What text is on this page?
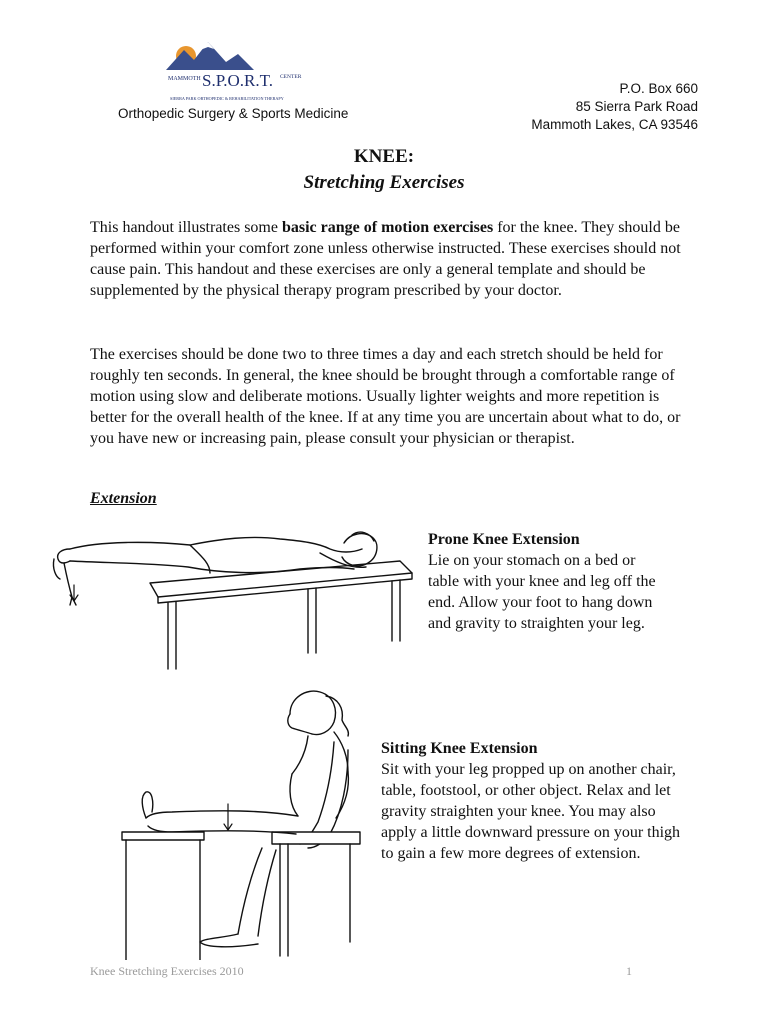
MAMMOTH S.P.O.R.T. CENTER
SIERRA PARK ORTHOPEDIC & REHABILITATION THERAPY
Orthopedic Surgery & Sports Medicine
P.O. Box 660
85 Sierra Park Road
Mammoth Lakes, CA 93546
KNEE:
Stretching Exercises
This handout illustrates some basic range of motion exercises for the knee. They should be performed within your comfort zone unless otherwise instructed. These exercises should not cause pain. This handout and these exercises are only a general template and should be supplemented by the physical therapy program prescribed by your doctor.
The exercises should be done two to three times a day and each stretch should be held for roughly ten seconds. In general, the knee should be brought through a comfortable range of motion using slow and deliberate motions. Usually lighter weights and more repetition is better for the overall health of the knee. If at any time you are uncertain about what to do, or you have new or increasing pain, please consult your physician or therapist.
Extension
Prone Knee Extension
Lie on your stomach on a bed or table with your knee and leg off the end. Allow your foot to hang down and gravity to straighten your leg.
Sitting Knee Extension
Sit with your leg propped up on another chair, table, footstool, or other object. Relax and let gravity straighten your knee. You may also apply a little downward pressure on your thigh to gain a few more degrees of extension.
Knee Stretching Exercises 2010	1
